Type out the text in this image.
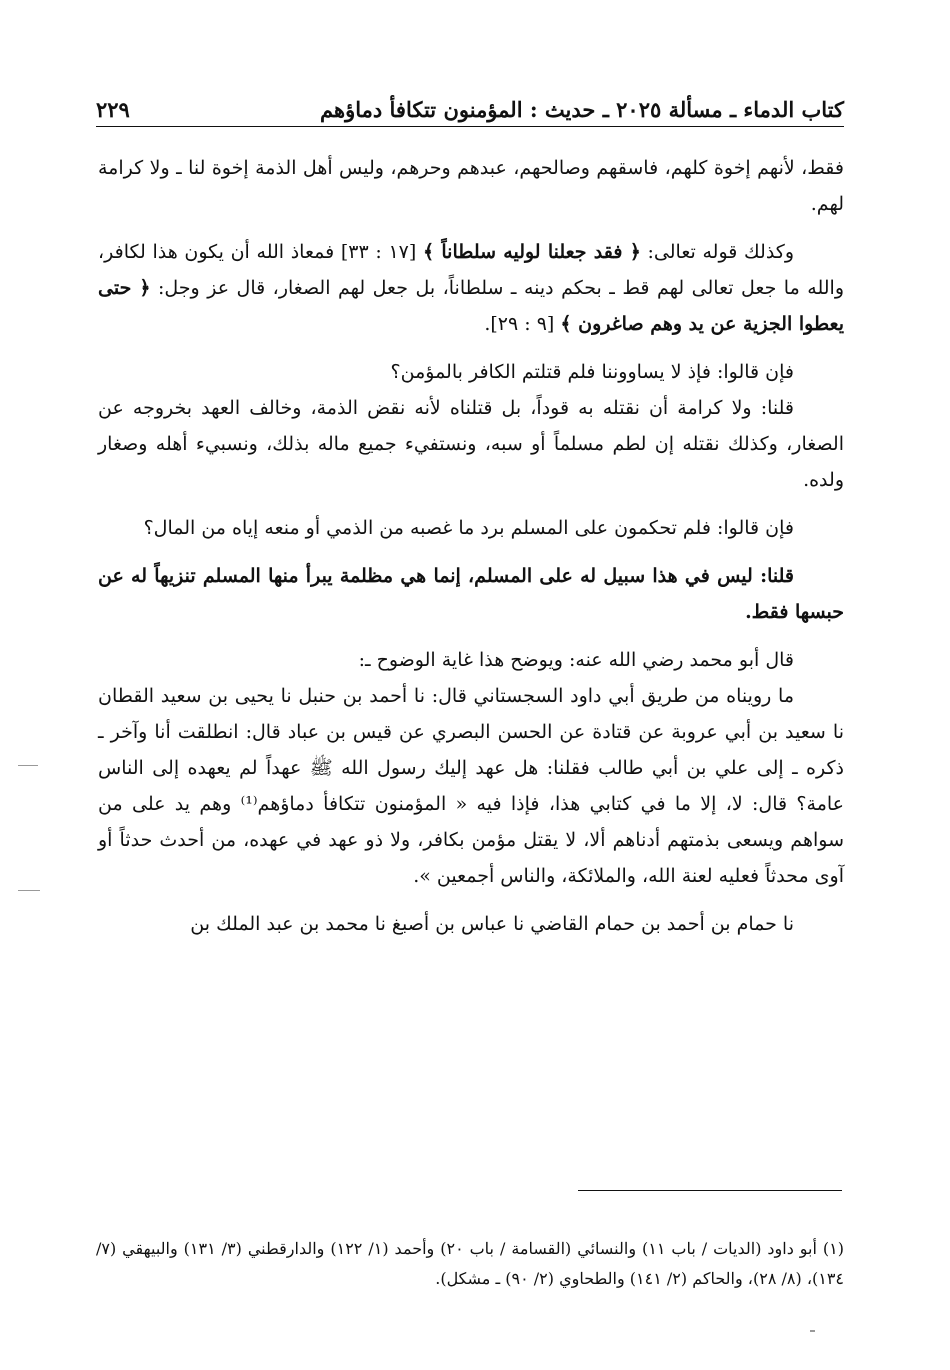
كتاب الدماء ـ مسألة ٢٠٢٥ ـ حديث : المؤمنون تتكافأ دماؤهم
٢٢٩

فقط، لأنهم إخوة كلهم، فاسقهم وصالحهم، عبدهم وحرهم، وليس أهل الذمة إخوة لنا ـ ولا كرامة لهم.

وكذلك قوله تعالى: ﴿ فقد جعلنا لوليه سلطاناً ﴾ [١٧ : ٣٣] فمعاذ الله أن يكون هذا لكافر، والله ما جعل تعالى لهم قط ـ بحكم دينه ـ سلطاناً، بل جعل لهم الصغار، قال عز وجل: ﴿ حتى يعطوا الجزية عن يد وهم صاغرون ﴾ [٩ : ٢٩].

فإن قالوا: فإذ لا يساووننا فلم قتلتم الكافر بالمؤمن؟

قلنا: ولا كرامة أن نقتله به قوداً، بل قتلناه لأنه نقض الذمة، وخالف العهد بخروجه عن الصغار، وكذلك نقتله إن لطم مسلماً أو سبه، ونستفيء جميع ماله بذلك، ونسبيء أهله وصغار ولده.

فإن قالوا: فلم تحكمون على المسلم برد ما غصبه من الذمي أو منعه إياه من المال؟

قلنا: ليس في هذا سبيل له على المسلم، إنما هي مظلمة يبرأ منها المسلم تنزيهاً له عن حبسها فقط.

قال أبو محمد رضي الله عنه: ويوضح هذا غاية الوضوح ـ:

ما رويناه من طريق أبي داود السجستاني قال: نا أحمد بن حنبل نا يحيى بن سعيد القطان نا سعيد بن أبي عروبة عن قتادة عن الحسن البصري عن قيس بن عباد قال: انطلقت أنا وآخر ـ ذكره ـ إلى علي بن أبي طالب فقلنا: هل عهد إليك رسول الله ﷺ عهداً لم يعهده إلى الناس عامة؟ قال: لا، إلا ما في كتابي هذا، فإذا فيه « المؤمنون تتكافأ دماؤهم⁽¹⁾ وهم يد على من سواهم ويسعى بذمتهم أدناهم ألا، لا يقتل مؤمن بكافر، ولا ذو عهد في عهده، من أحدث حدثاً أو آوى محدثاً فعليه لعنة الله، والملائكة، والناس أجمعين ».

نا حمام بن أحمد بن حمام القاضي نا عباس بن أصبغ نا محمد بن عبد الملك بن

(١) أبو داود (الديات / باب ١١) والنسائي (القسامة / باب ٢٠) وأحمد (١/ ١٢٢) والدارقطني (٣/ ١٣١) والبيهقي (٧/ ١٣٤)، (٨/ ٢٨)، والحاكم (٢/ ١٤١) والطحاوي (٢/ ٩٠) ـ مشكل).
